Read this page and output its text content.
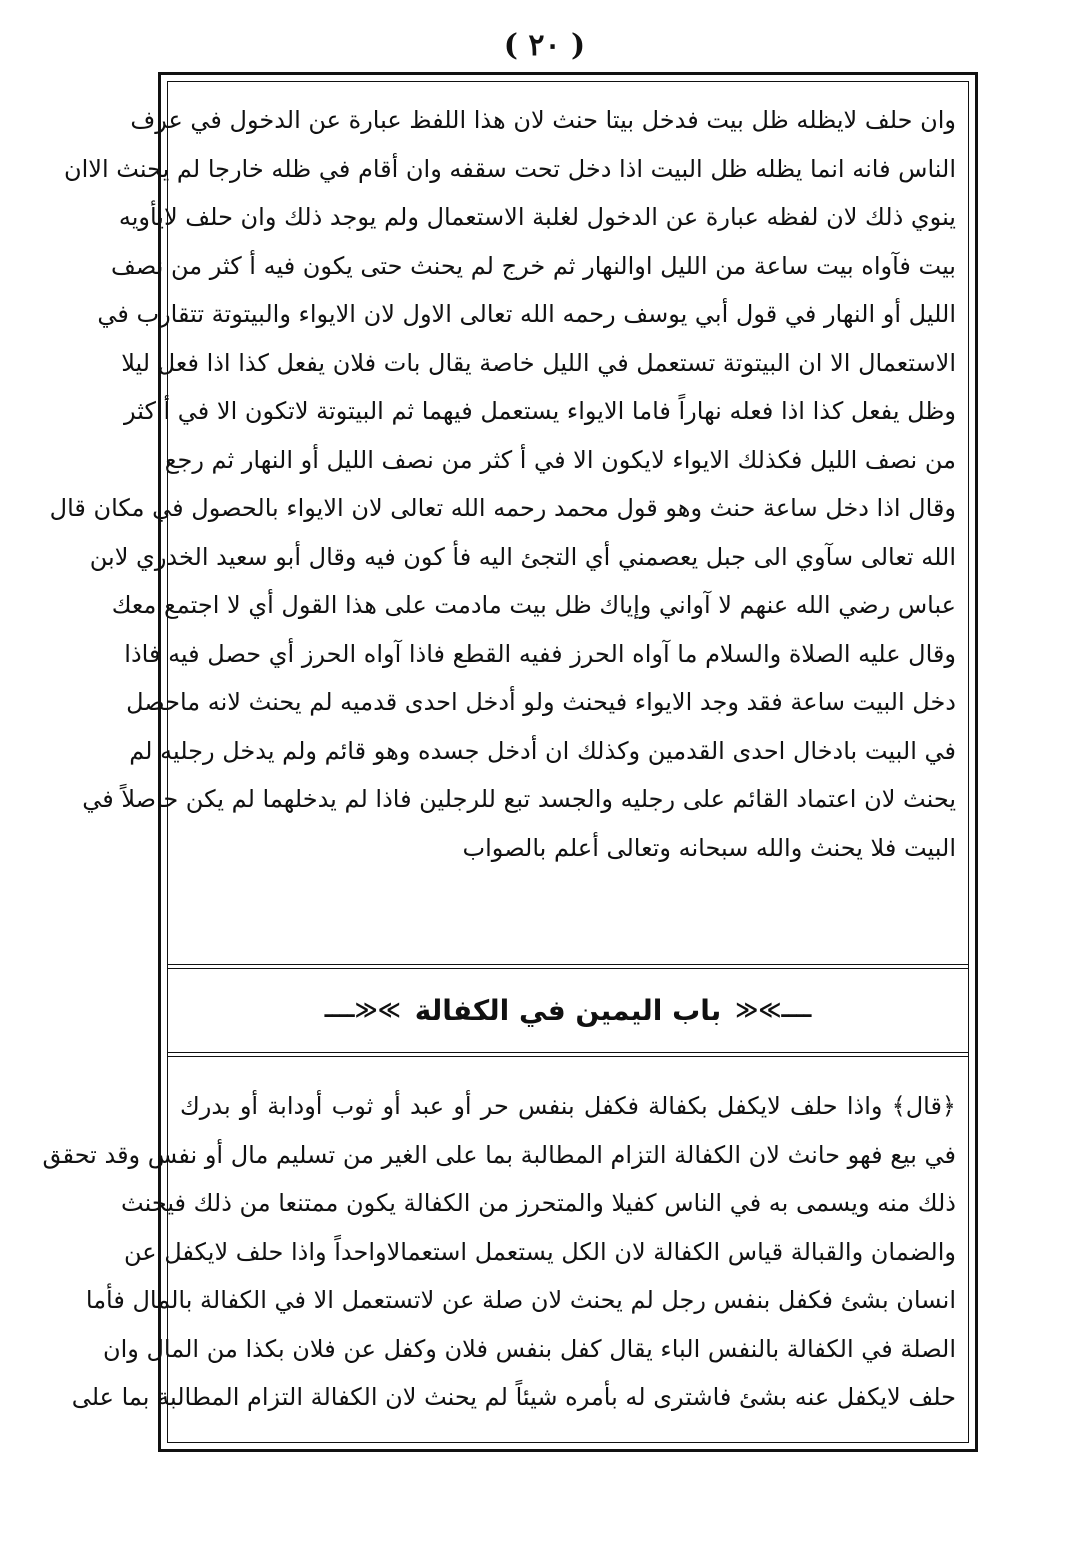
( ٢٠ )
وان حلف لايظله ظل بيت فدخل بيتا حنث لان هذا اللفظ عبارة عن الدخول في عرف
الناس فانه انما يظله ظل البيت اذا دخل تحت سقفه وان أقام في ظله خارجا لم يحنث الاان
ينوي ذلك لان لفظه عبارة عن الدخول لغلبة الاستعمال ولم يوجد ذلك وان حلف لايأويه
بيت فآواه بيت ساعة من الليل اوالنهار ثم خرج لم يحنث حتى يكون فيه أ كثر من نصف
الليل أو النهار في قول أبي يوسف رحمه الله تعالى الاول لان الايواء والبيتوتة تتقارب في
الاستعمال الا ان البيتوتة تستعمل في الليل خاصة يقال بات فلان يفعل كذا اذا فعل ليلا
وظل يفعل كذا اذا فعله نهاراً فاما الايواء يستعمل فيهما ثم البيتوتة لاتكون الا في أ كثر
من نصف الليل فكذلك الايواء لايكون الا في أ كثر من نصف الليل أو النهار ثم رجع
وقال اذا دخل ساعة حنث وهو قول محمد رحمه الله تعالى لان الايواء بالحصول في مكان قال
الله تعالى سآوي الى جبل يعصمني أي التجئ اليه فأ كون فيه وقال أبو سعيد الخدري لابن
عباس رضي الله عنهم لا آواني وإياك ظل بيت مادمت على هذا القول أي لا اجتمع معك
وقال عليه الصلاة والسلام ما آواه الحرز ففيه القطع فاذا آواه الحرز أي حصل فيه فاذا
دخل البيت ساعة فقد وجد الايواء فيحنث ولو أدخل احدى قدميه لم يحنث لانه ماحصل
في البيت بادخال احدى القدمين وكذلك ان أدخل جسده وهو قائم ولم يدخل رجليه لم
يحنث لان اعتماد القائم على رجليه والجسد تبع للرجلين فاذا لم يدخلهما لم يكن حاصلاً في
البيت فلا يحنث والله سبحانه وتعالى أعلم بالصواب
ــــ≫≪
باب اليمين في الكفالة
≫≪ــــ
﴿قال﴾ واذا حلف لايكفل بكفالة فكفل بنفس حر أو عبد أو ثوب أودابة أو بدرك
في بيع فهو حانث لان الكفالة التزام المطالبة بما على الغير من تسليم مال أو نفس وقد تحقق
ذلك منه ويسمى به في الناس كفيلا والمتحرز من الكفالة يكون ممتنعا من ذلك فيحنث
والضمان والقبالة قياس الكفالة لان الكل يستعمل استعمالاواحداً واذا حلف لايكفل عن
انسان بشئ فكفل بنفس رجل لم يحنث لان صلة عن لاتستعمل الا في الكفالة بالمال فأما
الصلة في الكفالة بالنفس الباء يقال كفل بنفس فلان وكفل عن فلان بكذا من المال وان
حلف لايكفل عنه بشئ فاشترى له بأمره شيئاً لم يحنث لان الكفالة التزام المطالبة بما على
